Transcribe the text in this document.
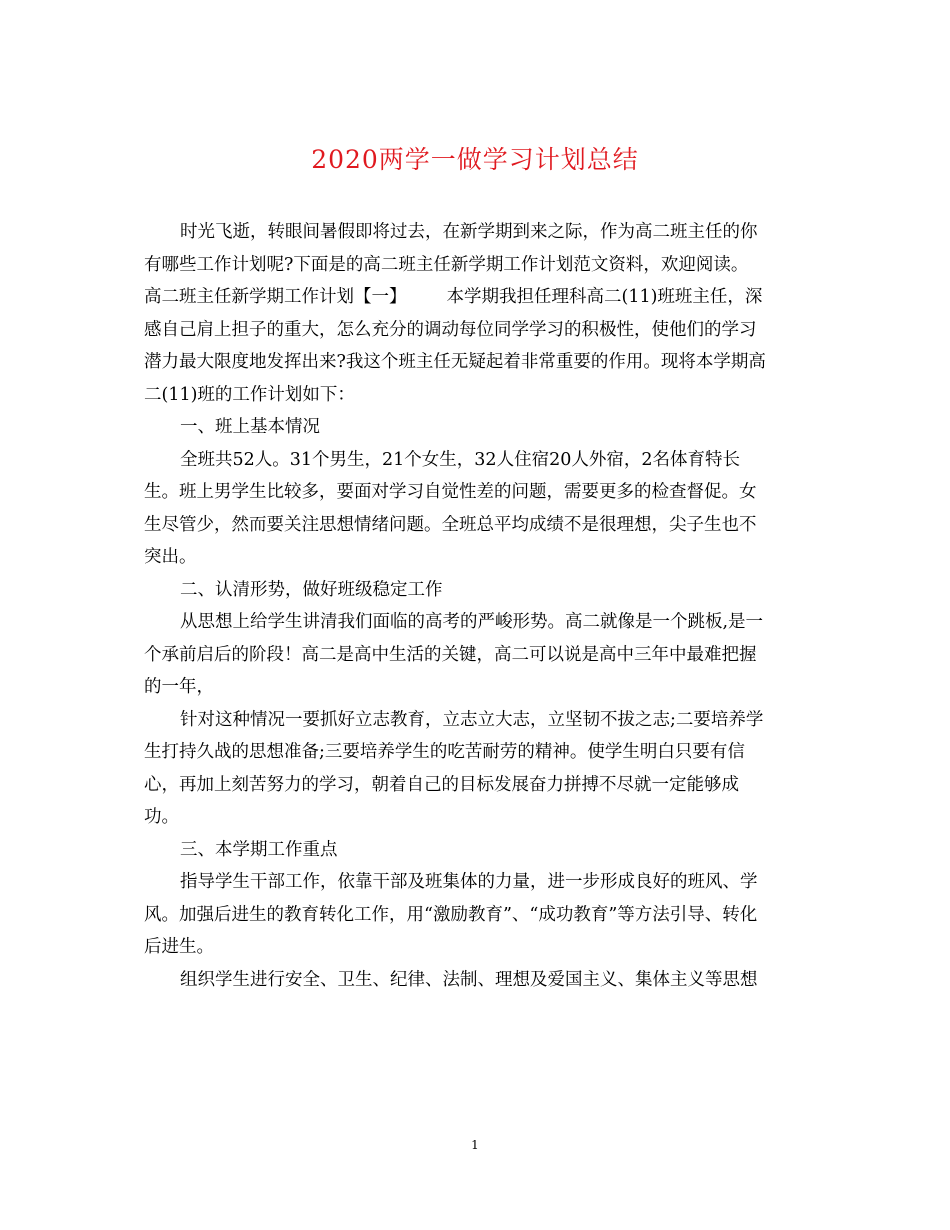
2020两学一做学习计划总结
时光飞逝，转眼间暑假即将过去，在新学期到来之际，作为高二班主任的你
有哪些工作计划呢?下面是的高二班主任新学期工作计划范文资料，欢迎阅读。
高二班主任新学期工作计划【一】 本学期我担任理科高二(11)班班主任，深
感自己肩上担子的重大，怎么充分的调动每位同学学习的积极性，使他们的学习
潜力最大限度地发挥出来?我这个班主任无疑起着非常重要的作用。现将本学期高
二(11)班的工作计划如下：
一、班上基本情况
全班共52人。31个男生，21个女生，32人住宿20人外宿，2名体育特长
生。班上男学生比较多，要面对学习自觉性差的问题，需要更多的检查督促。女
生尽管少，然而要关注思想情绪问题。全班总平均成绩不是很理想，尖子生也不
突出。
二、认清形势，做好班级稳定工作
从思想上给学生讲清我们面临的高考的严峻形势。高二就像是一个跳板,是一
个承前启后的阶段！高二是高中生活的关键，高二可以说是高中三年中最难把握
的一年，
针对这种情况一要抓好立志教育，立志立大志，立坚韧不拔之志;二要培养学
生打持久战的思想准备;三要培养学生的吃苦耐劳的精神。使学生明白只要有信
心，再加上刻苦努力的学习，朝着自己的目标发展奋力拼搏不尽就一定能够成
功。
三、本学期工作重点
指导学生干部工作，依靠干部及班集体的力量，进一步形成良好的班风、学
风。加强后进生的教育转化工作，用“激励教育”、“成功教育”等方法引导、转化
后进生。
组织学生进行安全、卫生、纪律、法制、理想及爱国主义、集体主义等思想
1
